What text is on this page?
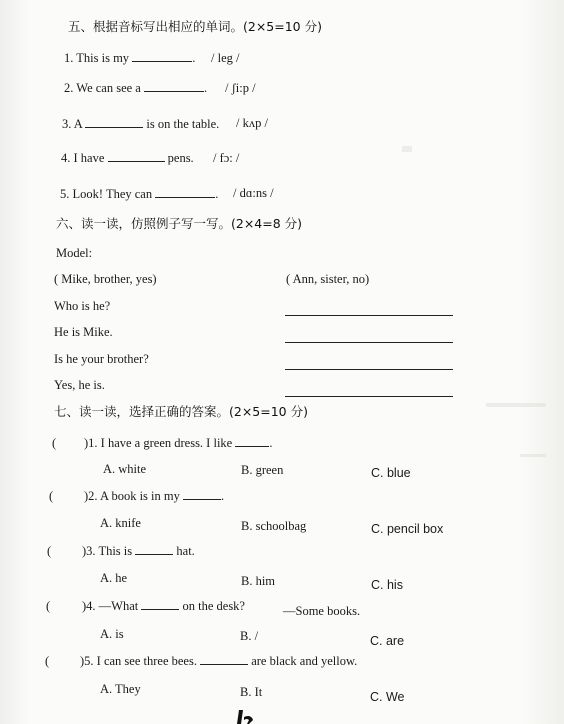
五、根据音标写出相应的单词。(2×5=10 分)
1. This is my	. / leg /
2. We can see a	. / ʃi:p /
3. A	is on the table. / kʌp /
4. I have	pens. / fɔ: /
5. Look! They can	. / dɑ:ns /
六、读一读，仿照例子写一写。(2×4=8 分)
Model:
( Mike, brother, yes)	( Ann, sister, no)
Who is he?
He is Mike.
Is he your brother?
Yes, he is.
七、读一读，选择正确的答案。(2×5=10 分)
( )1. I have a green dress. I like	.
A. white	B. green	C. blue
( )2. A book is in my	.
A. knife	B. schoolbag	C. pencil box
( )3. This is	hat.
A. he	B. him	C. his
(	)4. —What	on the desk?	—Some books.
A. is	B. /	C. are
( )5. I can see three bees.	are black and yellow.
A. They	B. It	C. We
